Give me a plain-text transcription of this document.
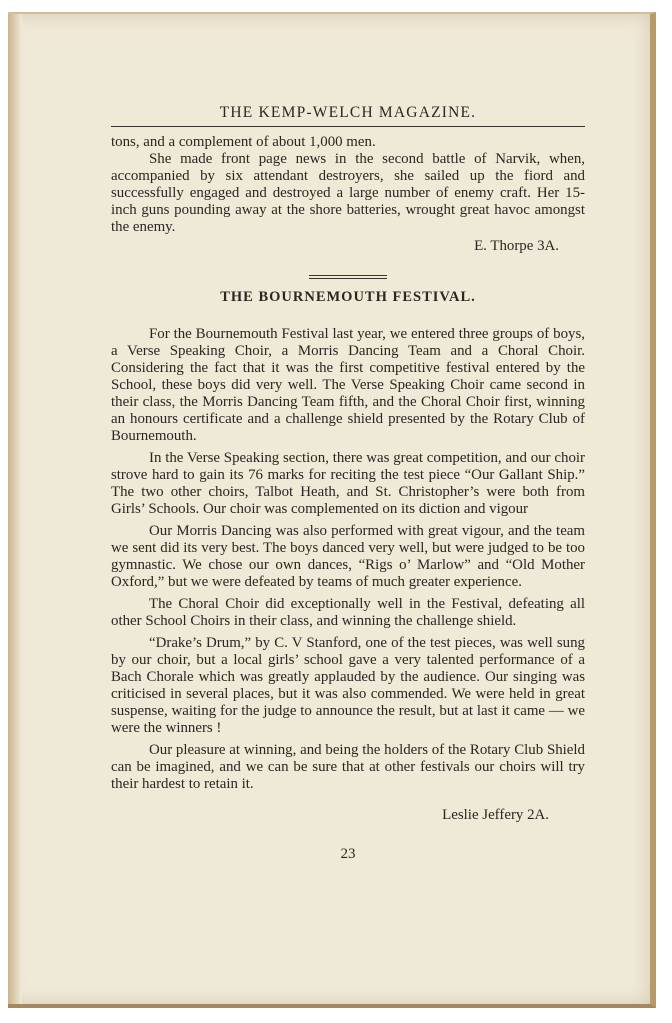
THE KEMP-WELCH MAGAZINE.

tons, and a complement of about 1,000 men.

She made front page news in the second battle of Narvik, when, accompanied by six attendant destroyers, she sailed up the fiord and successfully engaged and destroyed a large number of enemy craft. Her 15-inch guns pounding away at the shore batteries, wrought great havoc amongst the enemy.

E. Thorpe 3A.
THE BOURNEMOUTH FESTIVAL.

For the Bournemouth Festival last year, we entered three groups of boys, a Verse Speaking Choir, a Morris Dancing Team and a Choral Choir. Considering the fact that it was the first competitive festival entered by the School, these boys did very well. The Verse Speaking Choir came second in their class, the Morris Dancing Team fifth, and the Choral Choir first, winning an honours certificate and a challenge shield presented by the Rotary Club of Bournemouth.

In the Verse Speaking section, there was great competition, and our choir strove hard to gain its 76 marks for reciting the test piece “Our Gallant Ship.” The two other choirs, Talbot Heath, and St. Christopher’s were both from Girls’ Schools. Our choir was complemented on its diction and vigour

Our Morris Dancing was also performed with great vigour, and the team we sent did its very best. The boys danced very well, but were judged to be too gymnastic. We chose our own dances, “Rigs o’ Marlow” and “Old Mother Oxford,” but we were defeated by teams of much greater experience.

The Choral Choir did exceptionally well in the Festival, defeating all other School Choirs in their class, and winning the challenge shield.

“Drake’s Drum,” by C. V Stanford, one of the test pieces, was well sung by our choir, but a local girls’ school gave a very talented performance of a Bach Chorale which was greatly applauded by the audience. Our singing was criticised in several places, but it was also commended. We were held in great suspense, waiting for the judge to announce the result, but at last it came — we were the winners !

Our pleasure at winning, and being the holders of the Rotary Club Shield can be imagined, and we can be sure that at other festivals our choirs will try their hardest to retain it.

Leslie Jeffery 2A.
23
